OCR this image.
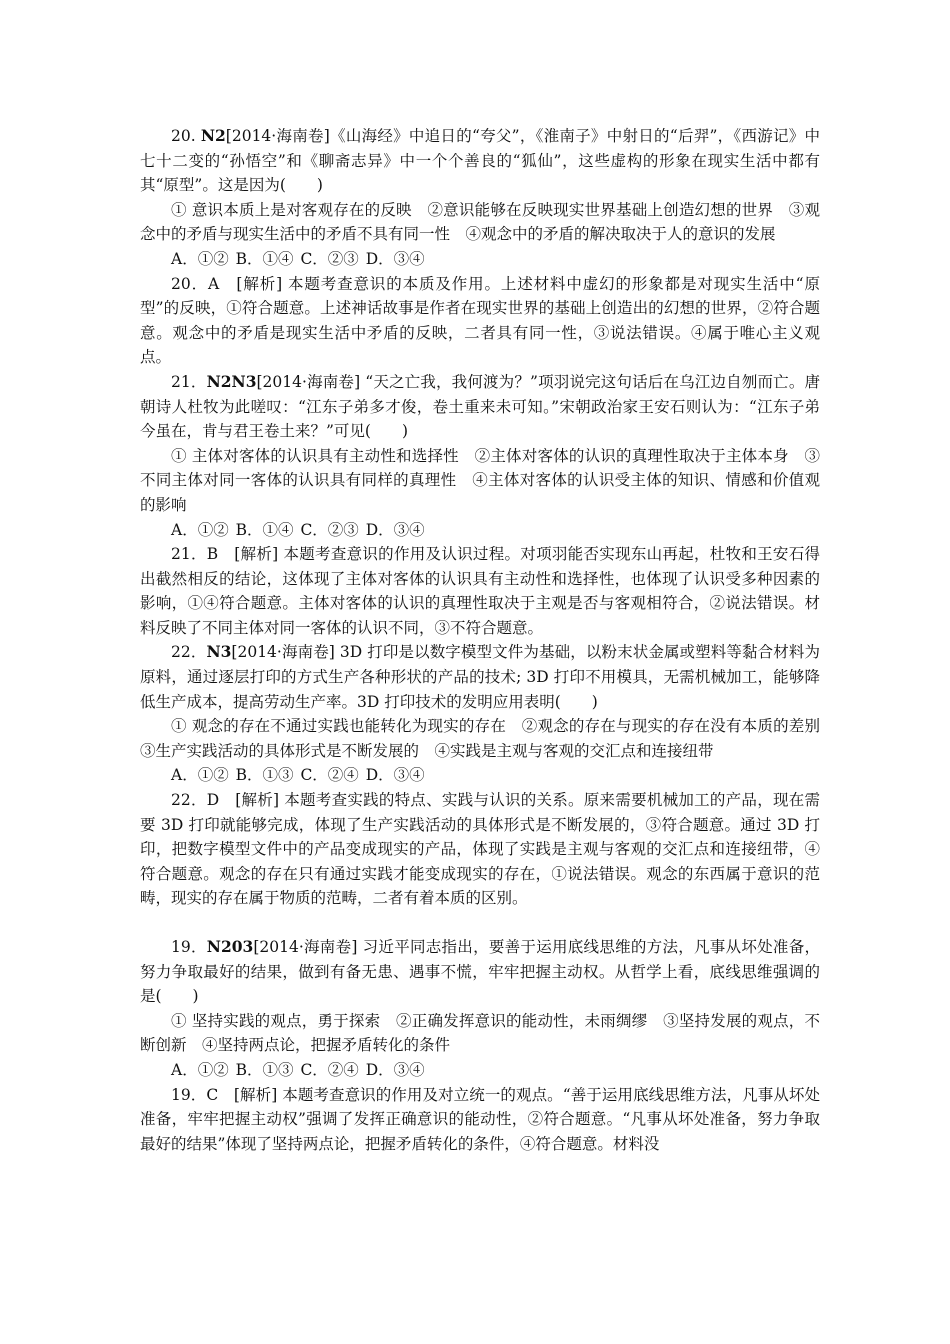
20. N2[2014·海南卷]《山海经》中追日的“夸父”，《淮南子》中射日的“后羿”，《西游记》中七十二变的“孙悟空”和《聊斋志异》中一个个善良的“狐仙”，这些虚构的形象在现实生活中都有其“原型”。这是因为(　　)

① 意识本质上是对客观存在的反映　②意识能够在反映现实世界基础上创造幻想的世界　③观念中的矛盾与现实生活中的矛盾不具有同一性　④观念中的矛盾的解决取决于人的意识的发展

A．①② B．①④ C．②③ D．③④

20．A　[解析] 本题考查意识的本质及作用。上述材料中虚幻的形象都是对现实生活中“原型”的反映，①符合题意。上述神话故事是作者在现实世界的基础上创造出的幻想的世界，②符合题意。观念中的矛盾是现实生活中矛盾的反映，二者具有同一性，③说法错误。④属于唯心主义观点。

21．N2N3[2014·海南卷] “天之亡我，我何渡为？”项羽说完这句话后在乌江边自刎而亡。唐朝诗人杜牧为此嗟叹：“江东子弟多才俊，卷土重来未可知。”宋朝政治家王安石则认为：“江东子弟今虽在，肯与君王卷土来？”可见(　　)

① 主体对客体的认识具有主动性和选择性　②主体对客体的认识的真理性取决于主体本身　③不同主体对同一客体的认识具有同样的真理性　④主体对客体的认识受主体的知识、情感和价值观的影响

A．①② B．①④ C．②③ D．③④

21．B　[解析] 本题考查意识的作用及认识过程。对项羽能否实现东山再起，杜牧和王安石得出截然相反的结论，这体现了主体对客体的认识具有主动性和选择性，也体现了认识受多种因素的影响，①④符合题意。主体对客体的认识的真理性取决于主观是否与客观相符合，②说法错误。材料反映了不同主体对同一客体的认识不同，③不符合题意。

22．N3[2014·海南卷] 3D 打印是以数字模型文件为基础，以粉末状金属或塑料等黏合材料为原料，通过逐层打印的方式生产各种形状的产品的技术; 3D 打印不用模具，无需机械加工，能够降低生产成本，提高劳动生产率。3D 打印技术的发明应用表明(　　)

① 观念的存在不通过实践也能转化为现实的存在　②观念的存在与现实的存在没有本质的差别　③生产实践活动的具体形式是不断发展的　④实践是主观与客观的交汇点和连接纽带

A．①② B．①③ C．②④ D．③④

22．D　[解析] 本题考查实践的特点、实践与认识的关系。原来需要机械加工的产品，现在需要 3D 打印就能够完成，体现了生产实践活动的具体形式是不断发展的，③符合题意。通过 3D 打印，把数字模型文件中的产品变成现实的产品，体现了实践是主观与客观的交汇点和连接纽带，④符合题意。观念的存在只有通过实践才能变成现实的存在，①说法错误。观念的东西属于意识的范畴，现实的存在属于物质的范畴，二者有着本质的区别。

19．N203[2014·海南卷] 习近平同志指出，要善于运用底线思维的方法，凡事从坏处准备，努力争取最好的结果，做到有备无患、遇事不慌，牢牢把握主动权。从哲学上看，底线思维强调的是(　　)

① 坚持实践的观点，勇于探索　②正确发挥意识的能动性，未雨绸缪　③坚持发展的观点，不断创新　④坚持两点论，把握矛盾转化的条件

A．①② B．①③ C．②④ D．③④

19．C　[解析] 本题考查意识的作用及对立统一的观点。“善于运用底线思维方法，凡事从坏处准备，牢牢把握主动权”强调了发挥正确意识的能动性，②符合题意。“凡事从坏处准备，努力争取最好的结果”体现了坚持两点论，把握矛盾转化的条件，④符合题意。材料没
